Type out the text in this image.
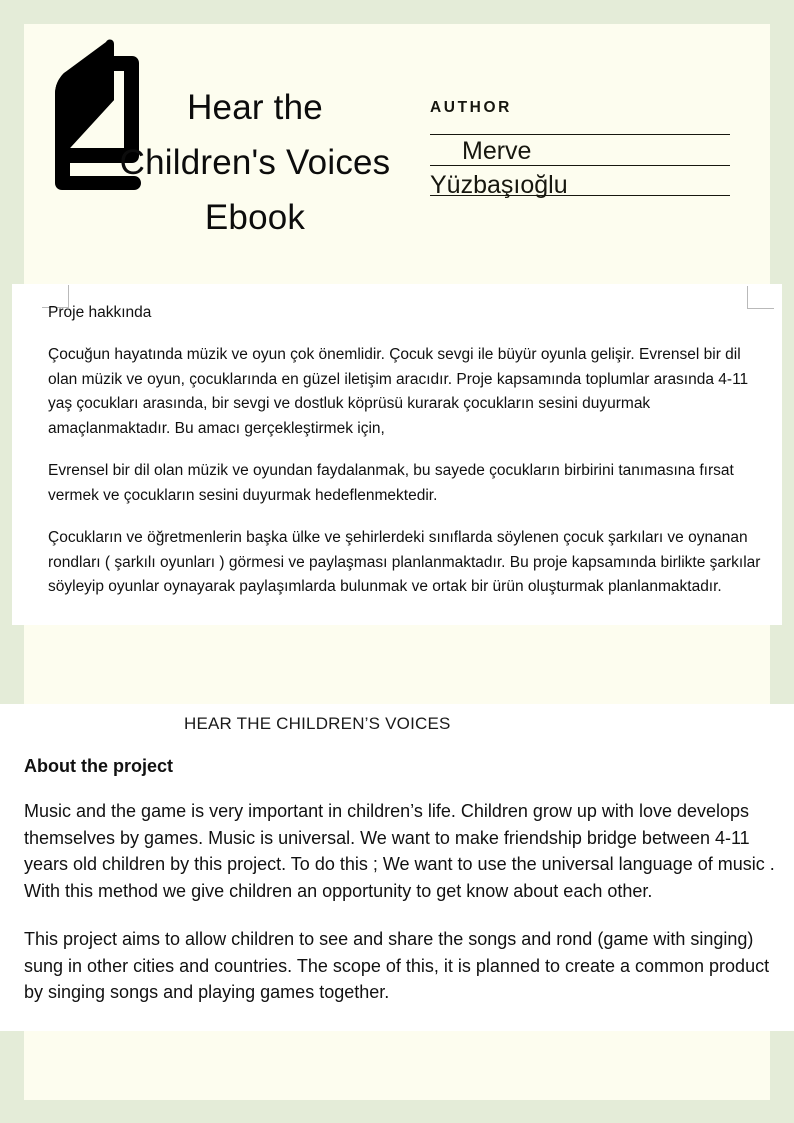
Hear the Children's Voices Ebook
AUTHOR
Merve
Yüzbaşıoğlu
Proje hakkında

Çocuğun hayatında müzik ve oyun çok önemlidir. Çocuk sevgi ile büyür oyunla gelişir. Evrensel bir dil olan müzik ve oyun, çocuklarında en güzel iletişim aracıdır. Proje kapsamında toplumlar arasında 4-11 yaş çocukları arasında, bir sevgi ve dostluk köprüsü kurarak çocukların sesini duyurmak amaçlanmaktadır. Bu amacı gerçekleştirmek için,

Evrensel bir dil olan müzik ve oyundan faydalanmak, bu sayede çocukların birbirini tanımasına fırsat vermek ve çocukların sesini duyurmak hedeflenmektedir.

Çocukların ve öğretmenlerin başka ülke ve şehirlerdeki sınıflarda söylenen çocuk şarkıları ve oynanan rondları ( şarkılı oyunları ) görmesi ve paylaşması planlanmaktadır. Bu proje kapsamında birlikte şarkılar söyleyip oyunlar oynayarak paylaşımlarda bulunmak ve ortak bir ürün oluşturmak planlanmaktadır.

HEAR THE CHILDREN’S VOICES
About the project

Music and the game is very important in children’s life. Children grow up with love develops themselves by games. Music is universal. We want to make friendship bridge between 4-11 years old children by this project. To do this ; We want to use the universal language of music . With this method we give children an opportunity to get know about each other.

This project aims to allow children to see and share the songs and rond (game with singing) sung in other cities and countries. The scope of this, it is planned to create a common product by singing songs and playing games together.
